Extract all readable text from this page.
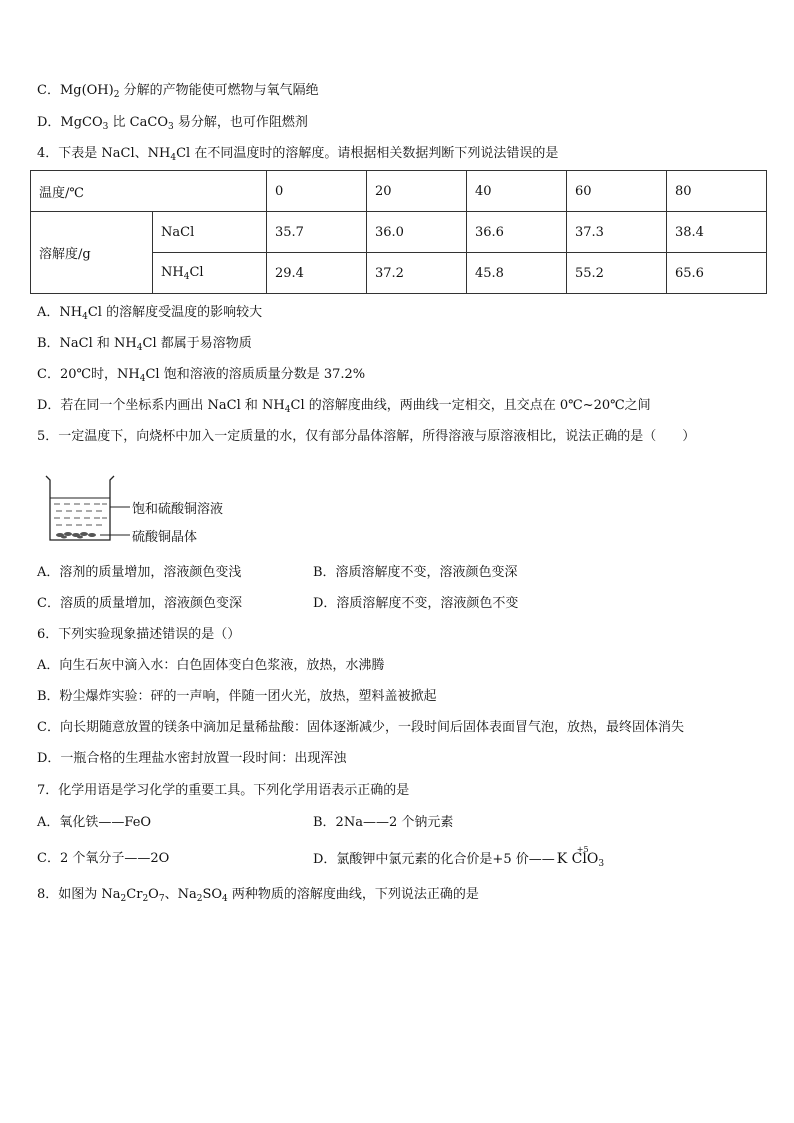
C．$Mg(OH)_2$ 分解的产物能使可燃物与氧气隔绝
D．MgCO$_3$ 比 CaCO$_3$ 易分解，也可作阻燃剂
4．下表是 NaCl、$NH_4Cl$ 在不同温度时的溶解度。请根据相关数据判断下列说法错误的是
温度/℃		0	20	40	60	80
溶解度/g	NaCl	35.7	36.0	36.6	37.3	38.4
	$NH_4Cl$	29.4	37.2	45.8	55.2	65.6
A．$NH_4Cl$ 的溶解度受温度的影响较大
B．NaCl 和 $NH_4Cl$ 都属于易溶物质
C．20℃时，$NH_4Cl$ 饱和溶液的溶质质量分数是 37.2%
D．若在同一个坐标系内画出 NaCl 和 $NH_4Cl$ 的溶解度曲线，两曲线一定相交，且交点在 0℃~20℃之间
5．一定温度下，向烧杯中加入一定质量的水，仅有部分晶体溶解，所得溶液与原溶液相比，说法正确的是（　　）
饱和硫酸铜溶液
硫酸铜晶体
A．溶剂的质量增加，溶液颜色变浅	B．溶质溶解度不变，溶液颜色变深
C．溶质的质量增加，溶液颜色变深	D．溶质溶解度不变，溶液颜色不变
6．下列实验现象描述错误的是（）
A．向生石灰中滴入水：白色固体变白色浆液，放热，水沸腾
B．粉尘爆炸实验：砰的一声响，伴随一团火光，放热，塑料盖被掀起
C．向长期随意放置的镁条中滴加足量稀盐酸：固体逐渐减少，一段时间后固体表面冒气泡，放热，最终固体消失
D．一瓶合格的生理盐水密封放置一段时间：出现浑浊
7．化学用语是学习化学的重要工具。下列化学用语表示正确的是
A．氧化铁——FeO	B．2Na——2 个钠元素
C．2 个氧分子——2O	D．氯酸钾中氯元素的化合价是+5 价——
+5
K ClO$_3$
8．如图为 $Na_2Cr_2O_7$、$Na_2SO_4$ 两种物质的溶解度曲线，下列说法正确的是
